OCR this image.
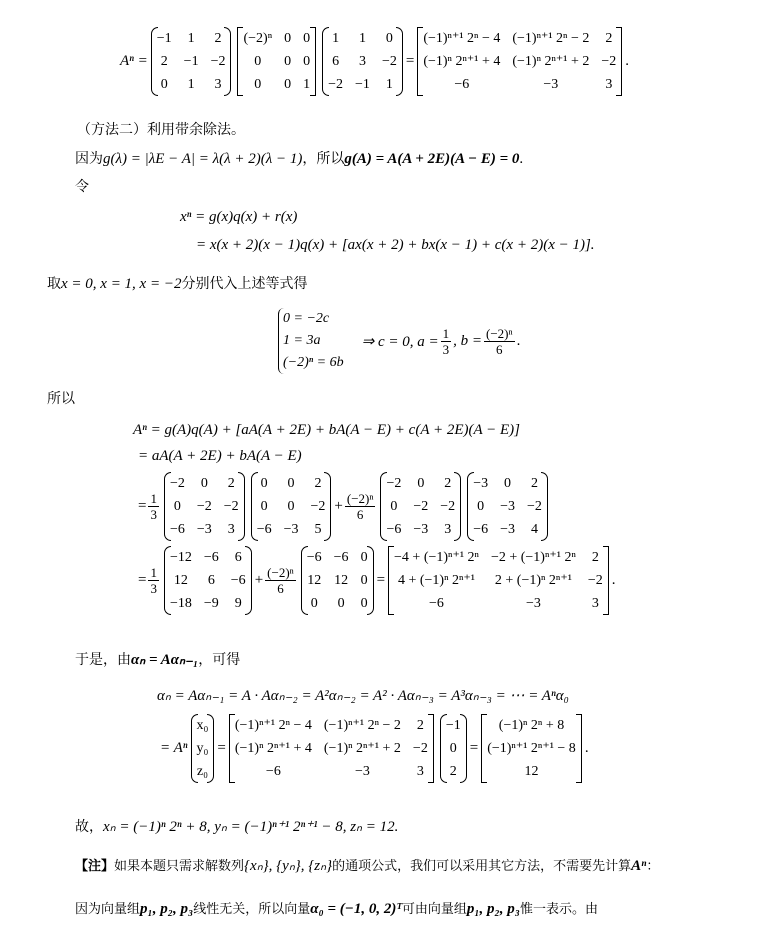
Aⁿ =
−1	1	2
2	−1	−2
0	1	3
(−2)ⁿ	0	0
0	0	0
0	0	1
1	1	0
6	3	−2
−2	−1	1
=
(−1)ⁿ⁺¹ 2ⁿ − 4	(−1)ⁿ⁺¹ 2ⁿ − 2	2
(−1)ⁿ 2ⁿ⁺¹ + 4	(−1)ⁿ 2ⁿ⁺¹ + 2	−2
−6	−3	3
.
（方法二）利用带余除法。
因为g(λ) = |λE − A| = λ(λ + 2)(λ − 1)，所以g(A) = A(A + 2E)(A − E) = 0.
令
xⁿ = g(x)q(x) + r(x)
= x(x + 2)(x − 1)q(x) + [ax(x + 2) + bx(x − 1) + c(x + 2)(x − 1)].
取x = 0, x = 1, x = −2分别代入上述等式得
0 = −2c
1 = 3a
(−2)ⁿ = 6b
⇒ c = 0, $a = \frac{1}{3}$ , $b = \frac{\text{(−2)ⁿ}}{6}$ .
所以
Aⁿ = g(A)q(A) + [aA(A + 2E) + bA(A − E) + c(A + 2E)(A − E)]
= aA(A + 2E) + bA(A − E)
= $\frac{1}{3}$
−2	0	2
0	−2	−2
−6	−3	3
0	0	2
0	0	−2
−6	−3	5
+ $\frac{\text{(−2)ⁿ}}{6}$
−2	0	2
0	−2	−2
−6	−3	3
−3	0	2
0	−3	−2
−6	−3	4
= $\frac{1}{3}$
−12	−6	6
12	6	−6
−18	−9	9
+ $\frac{\text{(−2)ⁿ}}{6}$
−6	−6	0
12	12	0
0	0	0
=
−4 + (−1)ⁿ⁺¹ 2ⁿ	−2 + (−1)ⁿ⁺¹ 2ⁿ	2
4 + (−1)ⁿ 2ⁿ⁺¹	2 + (−1)ⁿ 2ⁿ⁺¹	−2
−6	−3	3
.
于是，由αₙ = Aαₙ₋₁，可得
αₙ = Aαₙ₋₁ = A · Aαₙ₋₂ = A²αₙ₋₂ = A² · Aαₙ₋₃ = A³αₙ₋₃ = ⋯ = Aⁿα₀
= Aⁿ
x₀
y₀
z₀
=
(−1)ⁿ⁺¹ 2ⁿ − 4	(−1)ⁿ⁺¹ 2ⁿ − 2	2
(−1)ⁿ 2ⁿ⁺¹ + 4	(−1)ⁿ 2ⁿ⁺¹ + 2	−2
−6	−3	3
−1
0
2
=
(−1)ⁿ 2ⁿ + 8
(−1)ⁿ⁺¹ 2ⁿ⁺¹ − 8
12
.
故，xₙ = (−1)ⁿ 2ⁿ + 8, yₙ = (−1)ⁿ⁺¹ 2ⁿ⁺¹ − 8, zₙ = 12.
【注】如果本题只需求解数列{xₙ}, {yₙ}, {zₙ}的通项公式，我们可以采用其它方法，不需要先计算Aⁿ：
因为向量组p₁, p₂, p₃线性无关，所以向量α₀ = (−1, 0, 2)ᵀ可由向量组p₁, p₂, p₃惟一表示。由
